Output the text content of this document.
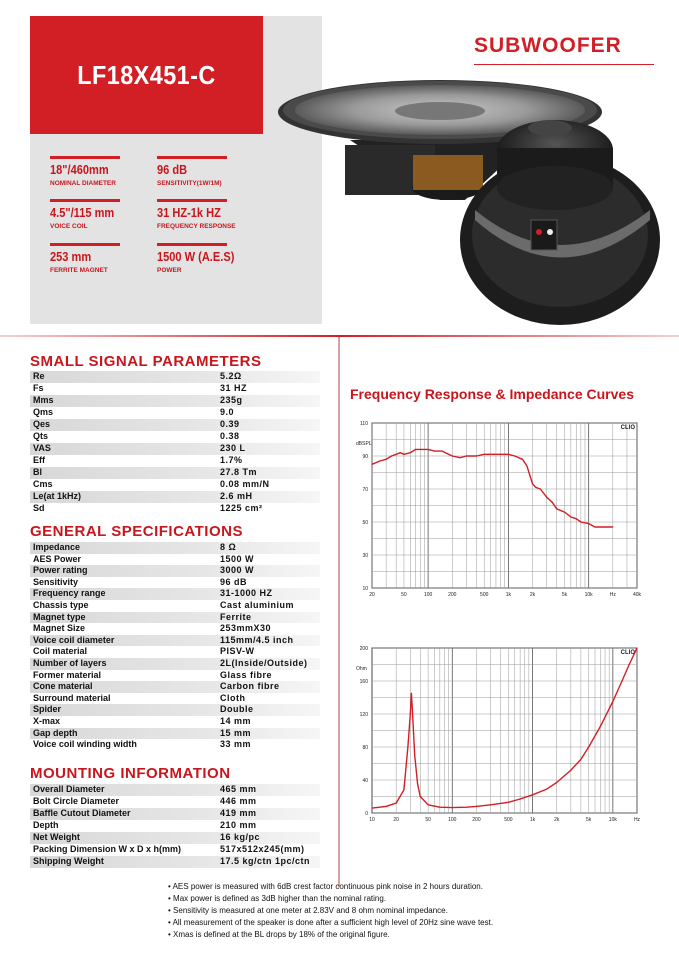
LF18X451-C
18"/460mm
NOMINAL DIAMETER
96 dB
SENSITIVITY(1W/1M)
4.5"/115 mm
VOICE COIL
31 HZ-1k HZ
FREQUENCY RESPONSE
253 mm
FERRITE MAGNET
1500 W (A.E.S)
POWER
SUBWOOFER
SMALL SIGNAL PARAMETERS
Re	5.2Ω
Fs	31 HZ
Mms	235g
Qms	9.0
Qes	0.39
Qts	0.38
VAS	230 L
Eff	1.7%
Bl	27.8 Tm
Cms	0.08 mm/N
Le(at 1kHz)	2.6 mH
Sd	1225 cm²
GENERAL SPECIFICATIONS
Impedance	8 Ω
AES Power	1500 W
Power rating	3000 W
Sensitivity	96 dB
Frequency range	31-1000 HZ
Chassis type	Cast aluminium
Magnet type	Ferrite
Magnet Size	253mmX30
Voice coil diameter	115mm/4.5 inch
Coil material	PISV-W
Number of layers	2L(Inside/Outside)
Former material	Glass fibre
Cone material	Carbon fibre
Surround material	Cloth
Spider	Double
X-max	14 mm
Gap depth	15 mm
Voice coil winding width	33 mm
MOUNTING INFORMATION
Overall Diameter	465 mm
Bolt Circle Diameter	446 mm
Baffle Cutout Diameter	419 mm
Depth	210 mm
Net Weight	16 kg/pc
Packing Dimension W x D x h(mm)	517x512x245(mm)
Shipping Weight	17.5 kg/ctn 1pc/ctn
Frequency Response & Impedance Curves
10
30
50
70
90
110
20	50	100	200	500	1k	2k	5k	10k	Hz	40k
dBSPL
CLIO
0
40
80
120
160
200
10	20	50	100	200	500	1k	2k	5k	10k	Hz
Ohm
CLIO
• AES power is measured with 6dB crest factor continuous pink noise in 2 hours duration.
• Max power is defined as 3dB higher than the nominal rating.
• Sensitivity is measured at one meter at 2.83V and 8 ohm nominal impedance.
• All measurement of the speaker is done after a sufficient high level of 20Hz sine wave test.
• Xmas is defined at the BL drops by 18% of the original figure.
